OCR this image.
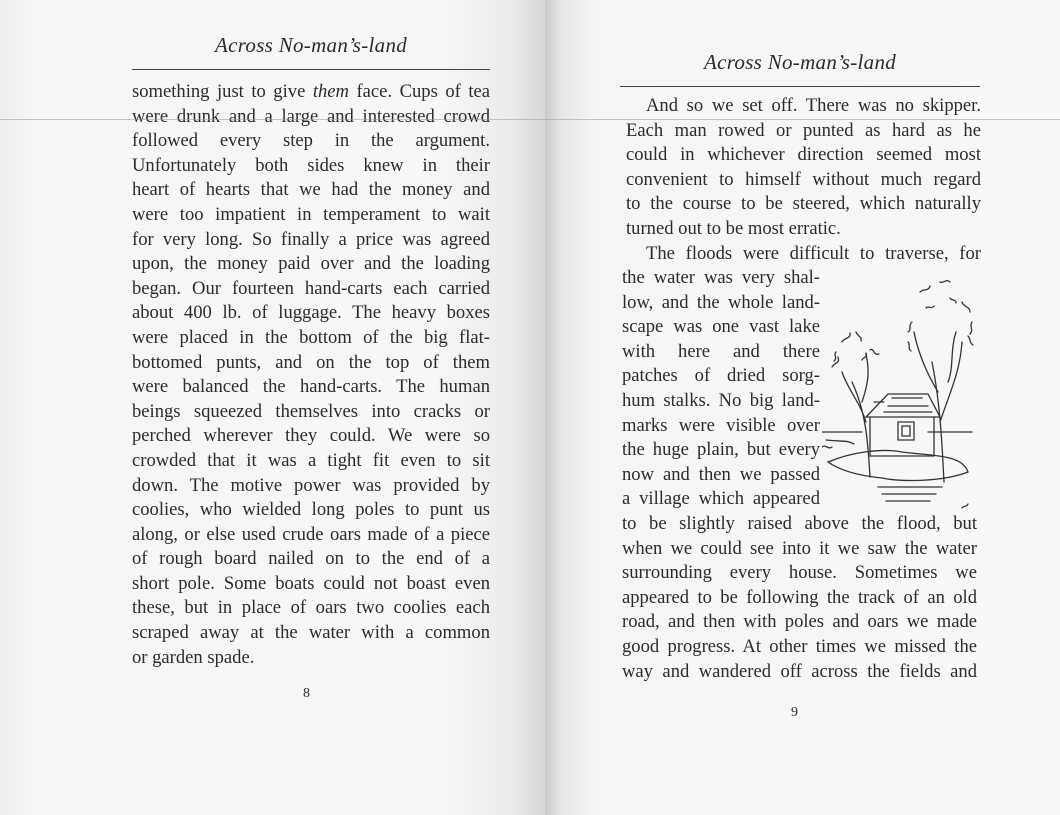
Across No-man’s-land
something just to give them face. Cups of tea
were drunk and a large and interested crowd
followed every step in the argument.
Unfortunately both sides knew in their
heart of hearts that we had the money and
were too impatient in temperament to wait
for very long. So finally a price was agreed
upon, the money paid over and the loading
began. Our fourteen hand-carts each carried
about 400 lb. of luggage. The heavy boxes
were placed in the bottom of the big flat-
bottomed punts, and on the top of them
were balanced the hand-carts. The human
beings squeezed themselves into cracks or
perched wherever they could. We were so
crowded that it was a tight fit even to sit
down. The motive power was provided by
coolies, who wielded long poles to punt us
along, or else used crude oars made of a piece
of rough board nailed on to the end of a
short pole. Some boats could not boast even
these, but in place of oars two coolies each
scraped away at the water with a common
or garden spade.
8
Across No-man’s-land
And so we set off. There was no skipper.
Each man rowed or punted as hard as he
could in whichever direction seemed most
convenient to himself without much regard
to the course to be steered, which naturally
turned out to be most erratic.
The floods were difficult to traverse, for
the water was very shal-
low, and the whole land-
scape was one vast lake
with here and there
patches of dried sorg-
hum stalks. No big land-
marks were visible over
the huge plain, but every
now and then we passed
a village which appeared
to be slightly raised above the flood, but
when we could see into it we saw the water
surrounding every house. Sometimes we
appeared to be following the track of an old
road, and then with poles and oars we made
good progress. At other times we missed the
way and wandered off across the fields and
9
